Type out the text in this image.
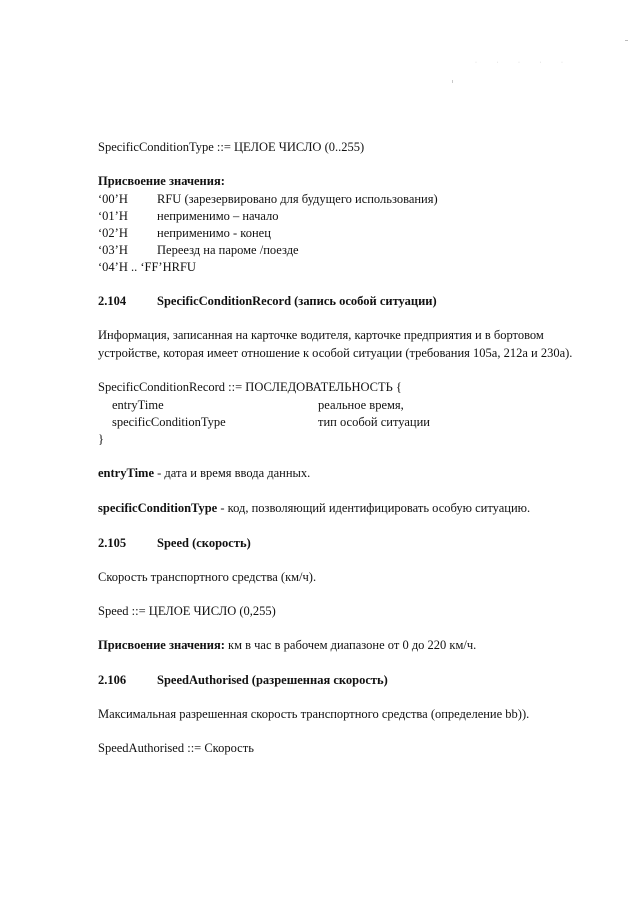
· · · · ·
SpecificConditionType ::= ЦЕЛОЕ ЧИСЛО (0..255)
Присвоение значения:
‘00’H RFU (зарезервировано для будущего использования)
‘01’H неприменимо – начало
‘02’H неприменимо - конец
‘03’H Переезд на пароме /поезде
‘04’H .. ‘FF’HRFU
2.104 SpecificConditionRecord (запись особой ситуации)
Информация, записанная на карточке водителя, карточке предприятия и в бортовом
устройстве, которая имеет отношение к особой ситуации (требования 105a, 212a и 230a).
SpecificConditionRecord ::= ПОСЛЕДОВАТЕЛЬНОСТЬ {
entryTime	реальное время,
specificConditionType	тип особой ситуации
}
entryTime - дата и время ввода данных.
specificConditionType - код, позволяющий идентифицировать особую ситуацию.
2.105 Speed (скорость)
Скорость транспортного средства (км/ч).
Speed ::= ЦЕЛОЕ ЧИСЛО (0,255)
Присвоение значения: км в час в рабочем диапазоне от 0 до 220 км/ч.
2.106 SpeedAuthorised (разрешенная скорость)
Максимальная разрешенная скорость транспортного средства (определение bb)).
SpeedAuthorised ::= Скорость
